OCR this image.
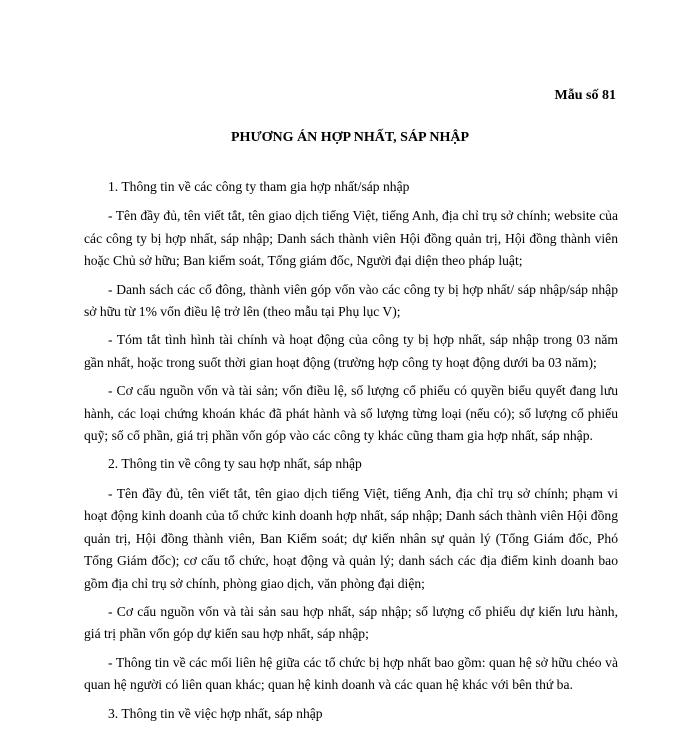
Mẫu số 81

PHƯƠNG ÁN HỢP NHẤT, SÁP NHẬP

1. Thông tin về các công ty tham gia hợp nhất/sáp nhập

- Tên đầy đủ, tên viết tắt, tên giao dịch tiếng Việt, tiếng Anh, địa chỉ trụ sở chính; website của các công ty bị hợp nhất, sáp nhập; Danh sách thành viên Hội đồng quản trị, Hội đồng thành viên hoặc Chủ sở hữu; Ban kiểm soát, Tổng giám đốc, Người đại diện theo pháp luật;

- Danh sách các cổ đông, thành viên góp vốn vào các công ty bị hợp nhất/ sáp nhập/sáp nhập sở hữu từ 1% vốn điều lệ trở lên (theo mẫu tại Phụ lục V);

- Tóm tắt tình hình tài chính và hoạt động của công ty bị hợp nhất, sáp nhập trong 03 năm gần nhất, hoặc trong suốt thời gian hoạt động (trường hợp công ty hoạt động dưới ba 03 năm);

- Cơ cấu nguồn vốn và tài sản; vốn điều lệ, số lượng cổ phiếu có quyền biểu quyết đang lưu hành, các loại chứng khoán khác đã phát hành và số lượng từng loại (nếu có); số lượng cổ phiếu quỹ; số cổ phần, giá trị phần vốn góp vào các công ty khác cũng tham gia hợp nhất, sáp nhập.

2. Thông tin về công ty sau hợp nhất, sáp nhập

- Tên đầy đủ, tên viết tắt, tên giao dịch tiếng Việt, tiếng Anh, địa chỉ trụ sở chính; phạm vi hoạt động kinh doanh của tổ chức kinh doanh hợp nhất, sáp nhập; Danh sách thành viên Hội đồng quản trị, Hội đồng thành viên, Ban Kiểm soát; dự kiến nhân sự quản lý (Tổng Giám đốc, Phó Tổng Giám đốc); cơ cấu tổ chức, hoạt động và quản lý; danh sách các địa điểm kinh doanh bao gồm địa chỉ trụ sở chính, phòng giao dịch, văn phòng đại diện;

- Cơ cấu nguồn vốn và tài sản sau hợp nhất, sáp nhập; số lượng cổ phiếu dự kiến lưu hành, giá trị phần vốn góp dự kiến sau hợp nhất, sáp nhập;

- Thông tin về các mối liên hệ giữa các tổ chức bị hợp nhất bao gồm: quan hệ sở hữu chéo và quan hệ người có liên quan khác; quan hệ kinh doanh và các quan hệ khác với bên thứ ba.

3. Thông tin về việc hợp nhất, sáp nhập
